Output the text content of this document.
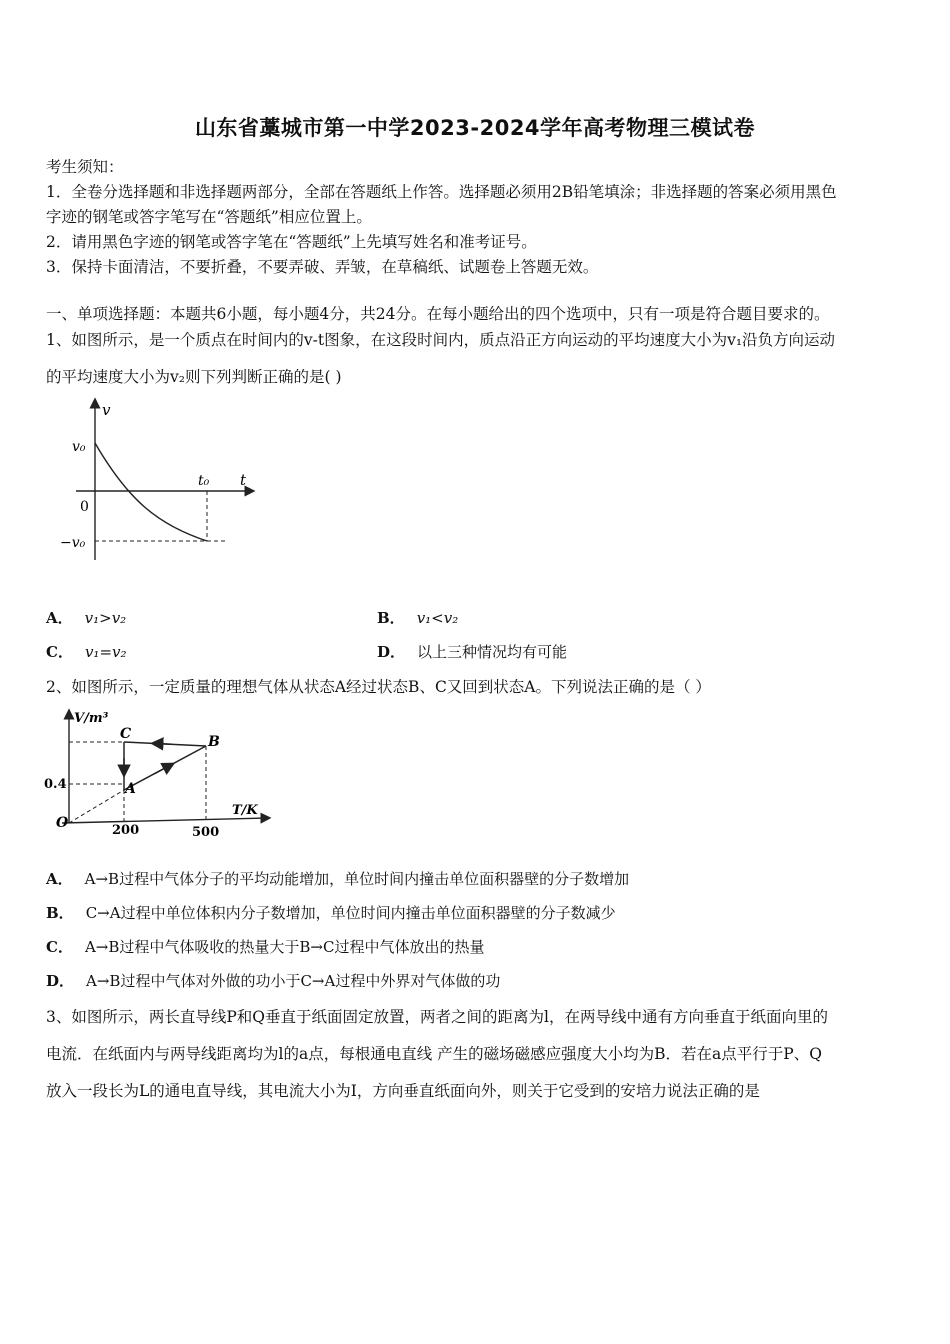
山东省藁城市第一中学2023-2024学年高考物理三模试卷
考生须知：
1．全卷分选择题和非选择题两部分，全部在答题纸上作答。选择题必须用2B铅笔填涂；非选择题的答案必须用黑色
字迹的钢笔或答字笔写在“答题纸”相应位置上。
2．请用黑色字迹的钢笔或答字笔在“答题纸”上先填写姓名和准考证号。
3．保持卡面清洁，不要折叠，不要弄破、弄皱，在草稿纸、试题卷上答题无效。
一、单项选择题：本题共6小题，每小题4分，共24分。在每小题给出的四个选项中，只有一项是符合题目要求的。
1、如图所示，是一个质点在时间内的v-t图象，在这段时间内，质点沿正方向运动的平均速度大小为v₁沿负方向运动
的平均速度大小为v₂则下列判断正确的是( )
v
t
v₀
0
t₀
−v₀
A． v₁>v₂	B． v₁<v₂
C． v₁=v₂	D． 以上三种情况均有可能
2、如图所示，一定质量的理想气体从状态A经过状态B、C又回到状态A。下列说法正确的是（ ）
V/m³
T/K
0.4
O	200	500
A
B
C
A． A→B过程中气体分子的平均动能增加，单位时间内撞击单位面积器壁的分子数增加
B． C→A过程中单位体积内分子数增加，单位时间内撞击单位面积器壁的分子数减少
C． A→B过程中气体吸收的热量大于B→C过程中气体放出的热量
D． A→B过程中气体对外做的功小于C→A过程中外界对气体做的功
3、如图所示，两长直导线P和Q垂直于纸面固定放置，两者之间的距离为l，在两导线中通有方向垂直于纸面向里的
电流．在纸面内与两导线距离均为l的a点，每根通电直线 产生的磁场磁感应强度大小均为B．若在a点平行于P、Q
放入一段长为L的通电直导线，其电流大小为I，方向垂直纸面向外，则关于它受到的安培力说法正确的是
